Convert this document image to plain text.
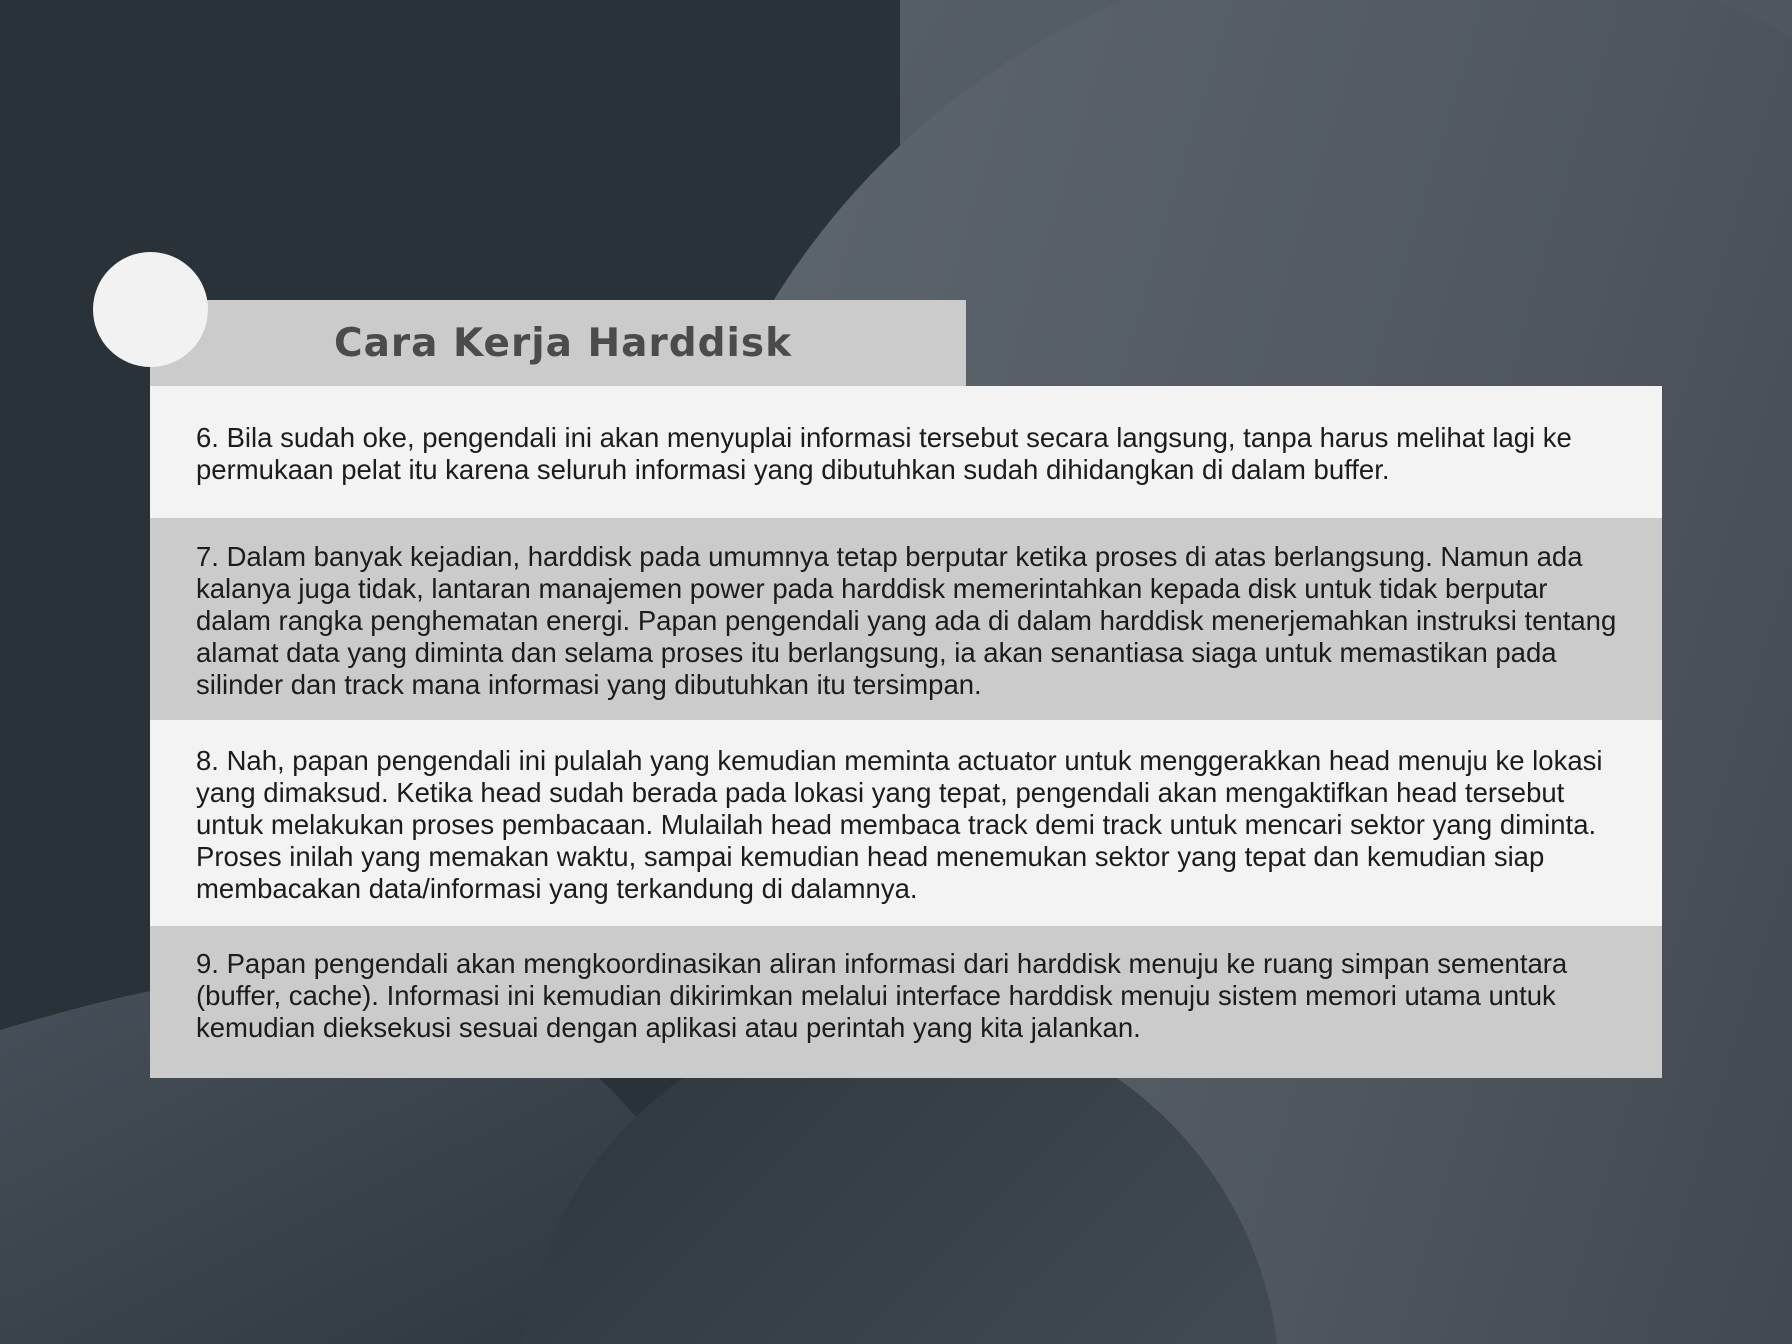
Cara Kerja Harddisk

6. Bila sudah oke, pengendali ini akan menyuplai informasi tersebut secara langsung, tanpa harus melihat lagi ke permukaan pelat itu karena seluruh informasi yang dibutuhkan sudah dihidangkan di dalam buffer.

7. Dalam banyak kejadian, harddisk pada umumnya tetap berputar ketika proses di atas berlangsung. Namun ada kalanya juga tidak, lantaran manajemen power pada harddisk memerintahkan kepada disk untuk tidak berputar dalam rangka penghematan energi. Papan pengendali yang ada di dalam harddisk menerjemahkan instruksi tentang alamat data yang diminta dan selama proses itu berlangsung, ia akan senantiasa siaga untuk memastikan pada silinder dan track mana informasi yang dibutuhkan itu tersimpan.

8. Nah, papan pengendali ini pulalah yang kemudian meminta actuator untuk menggerakkan head menuju ke lokasi yang dimaksud. Ketika head sudah berada pada lokasi yang tepat, pengendali akan mengaktifkan head tersebut untuk melakukan proses pembacaan. Mulailah head membaca track demi track untuk mencari sektor yang diminta. Proses inilah yang memakan waktu, sampai kemudian head menemukan sektor yang tepat dan kemudian siap membacakan data/informasi yang terkandung di dalamnya.

9. Papan pengendali akan mengkoordinasikan aliran informasi dari harddisk menuju ke ruang simpan sementara (buffer, cache). Informasi ini kemudian dikirimkan melalui interface harddisk menuju sistem memori utama untuk kemudian dieksekusi sesuai dengan aplikasi atau perintah yang kita jalankan.
